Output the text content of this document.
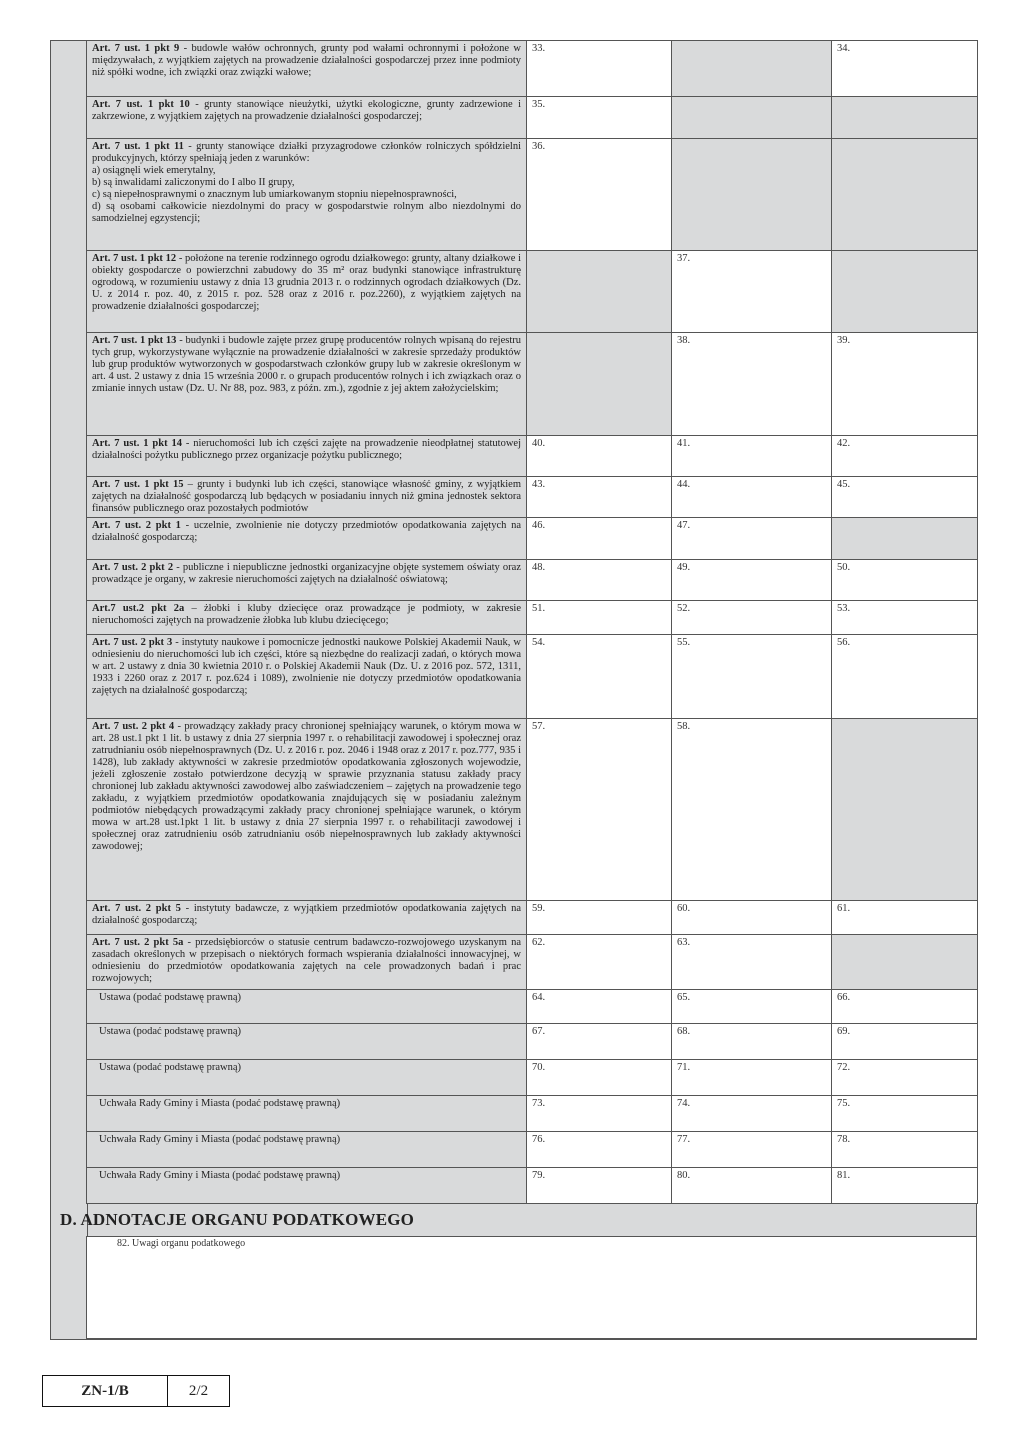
Art. 7 ust. 1 pkt 9 - budowle wałów ochronnych, grunty pod wałami ochronnymi i położone w międzywałach, z wyjątkiem zajętych na prowadzenie działalności gospodarczej przez inne podmioty niż spółki wodne, ich związki oraz związki wałowe;	33.		34.
Art. 7 ust. 1 pkt 10 - grunty stanowiące nieużytki, użytki ekologiczne, grunty zadrzewione i zakrzewione, z wyjątkiem zajętych na prowadzenie działalności gospodarczej;	35.		
Art. 7 ust. 1 pkt 11 - grunty stanowiące działki przyzagrodowe członków rolniczych spółdzielni produkcyjnych, którzy spełniają jeden z warunków:
a) osiągnęli wiek emerytalny,
b) są inwalidami zaliczonymi do I albo II grupy,
c) są niepełnosprawnymi o znacznym lub umiarkowanym stopniu niepełnosprawności,
d) są osobami całkowicie niezdolnymi do pracy w gospodarstwie rolnym albo niezdolnymi do samodzielnej egzystencji;	36.		
Art. 7 ust. 1 pkt 12 - położone na terenie rodzinnego ogrodu działkowego: grunty, altany działkowe i obiekty gospodarcze o powierzchni zabudowy do 35 m² oraz budynki stanowiące infrastrukturę ogrodową, w rozumieniu ustawy z dnia 13 grudnia 2013 r. o rodzinnych ogrodach działkowych (Dz. U. z 2014 r. poz. 40, z 2015 r. poz. 528 oraz z 2016 r. poz.2260), z wyjątkiem zajętych na prowadzenie działalności gospodarczej;		37.	
Art. 7 ust. 1 pkt 13 - budynki i budowle zajęte przez grupę producentów rolnych wpisaną do rejestru tych grup, wykorzystywane wyłącznie na prowadzenie działalności w zakresie sprzedaży produktów lub grup produktów wytworzonych w gospodarstwach członków grupy lub w zakresie określonym w art. 4 ust. 2 ustawy z dnia 15 września 2000 r. o grupach producentów rolnych i ich związkach oraz o zmianie innych ustaw (Dz. U. Nr 88, poz. 983, z późn. zm.), zgodnie z jej aktem założycielskim;		38.	39.
Art. 7 ust. 1 pkt 14 - nieruchomości lub ich części zajęte na prowadzenie nieodpłatnej statutowej działalności pożytku publicznego przez organizacje pożytku publicznego;	40.	41.	42.
Art. 7 ust. 1 pkt 15 – grunty i budynki lub ich części, stanowiące własność gminy, z wyjątkiem zajętych na działalność gospodarczą lub będących w posiadaniu innych niż gmina jednostek sektora finansów publicznego oraz pozostałych podmiotów	43.	44.	45.
Art. 7 ust. 2 pkt 1 - uczelnie, zwolnienie nie dotyczy przedmiotów opodatkowania zajętych na działalność gospodarczą;	46.	47.	
Art. 7 ust. 2 pkt 2 - publiczne i niepubliczne jednostki organizacyjne objęte systemem oświaty oraz prowadzące je organy, w zakresie nieruchomości zajętych na działalność oświatową;	48.	49.	50.
Art.7 ust.2 pkt 2a – żłobki i kluby dziecięce oraz prowadzące je podmioty, w zakresie nieruchomości zajętych na prowadzenie żłobka lub klubu dziecięcego;	51.	52.	53.
Art. 7 ust. 2 pkt 3 - instytuty naukowe i pomocnicze jednostki naukowe Polskiej Akademii Nauk, w odniesieniu do nieruchomości lub ich części, które są niezbędne do realizacji zadań, o których mowa w art. 2 ustawy z dnia 30 kwietnia 2010 r. o Polskiej Akademii Nauk (Dz. U. z 2016 poz. 572, 1311, 1933 i 2260 oraz z 2017 r. poz.624 i 1089), zwolnienie nie dotyczy przedmiotów opodatkowania zajętych na działalność gospodarczą;	54.	55.	56.
Art. 7 ust. 2 pkt 4 - prowadzący zakłady pracy chronionej spełniający warunek, o którym mowa w art. 28 ust.1 pkt 1 lit. b ustawy z dnia 27 sierpnia 1997 r. o rehabilitacji zawodowej i społecznej oraz zatrudnianiu osób niepełnosprawnych (Dz. U. z 2016 r. poz. 2046 i 1948 oraz z 2017 r. poz.777, 935 i 1428), lub zakłady aktywności w zakresie przedmiotów opodatkowania zgłoszonych wojewodzie, jeżeli zgłoszenie zostało potwierdzone decyzją w sprawie przyznania statusu zakłady pracy chronionej lub zakładu aktywności zawodowej albo zaświadczeniem – zajętych na prowadzenie tego zakładu, z wyjątkiem przedmiotów opodatkowania znajdujących się w posiadaniu zależnym podmiotów niebędących prowadzącymi zakłady pracy chronionej spełniające warunek, o którym mowa w art.28 ust.1pkt 1 lit. b ustawy z dnia 27 sierpnia 1997 r. o rehabilitacji zawodowej i społecznej oraz zatrudnieniu osób zatrudnianiu osób niepełnosprawnych lub zakłady aktywności zawodowej;	57.	58.	
Art. 7 ust. 2 pkt 5 - instytuty badawcze, z wyjątkiem przedmiotów opodatkowania zajętych na działalność gospodarczą;	59.	60.	61.
Art. 7 ust. 2 pkt 5a - przedsiębiorców o statusie centrum badawczo-rozwojowego uzyskanym na zasadach określonych w przepisach o niektórych formach wspierania działalności innowacyjnej, w odniesieniu do przedmiotów opodatkowania zajętych na cele prowadzonych badań i prac rozwojowych;	62.	63.	
Ustawa (podać podstawę prawną)	64.	65.	66.
Ustawa (podać podstawę prawną)	67.	68.	69.
Ustawa (podać podstawę prawną)	70.	71.	72.
Uchwała Rady Gminy i Miasta (podać podstawę prawną)	73.	74.	75.
Uchwała Rady Gminy i Miasta (podać podstawę prawną)	76.	77.	78.
Uchwała Rady Gminy i Miasta (podać podstawę prawną)	79.	80.	81.
D. ADNOTACJE ORGANU PODATKOWEGO
82. Uwagi organu podatkowego
ZN-1/B	2/2
